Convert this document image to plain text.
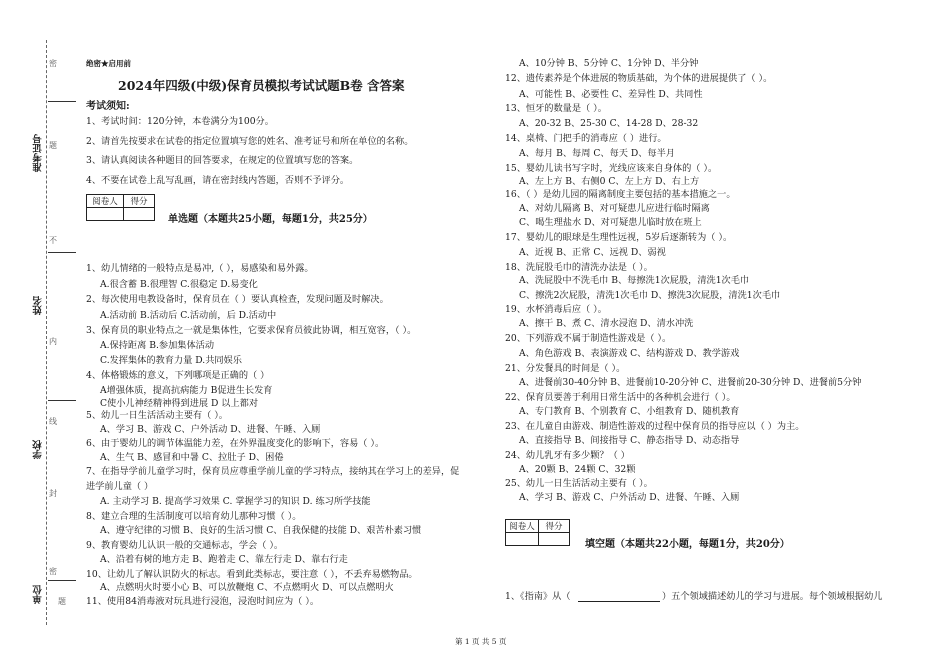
准考证号
姓名
学校
单位
密
题
不
内
线
封
密
题
绝密★启用前
2024年四级(中级)保育员模拟考试试题B卷 含答案
考试须知:
1、考试时间：120分钟，本卷满分为100分。
2、请首先按要求在试卷的指定位置填写您的姓名、准考证号和所在单位的名称。
3、请认真阅读各种题目的回答要求，在规定的位置填写您的答案。
4、不要在试卷上乱写乱画，请在密封线内答题，否则不予评分。
阅卷人	得分

单选题（本题共25小题，每题1分，共25分）
1、幼儿情绪的一般特点是易冲,（ ），易感染和易外露。
A.很含蓄 B.很理智 C.很稳定 D.易变化
2、每次使用电教设备时，保育员在（ ）要认真检查，发现问题及时解决。
A.活动前 B.活动后 C.活动前，后 D.活动中
3、保育员的职业特点之一就是集体性，它要求保育员彼此协调，相互宽容，（ ）。
A.保持距离 B.参加集体活动
C.发挥集体的教育力量 D.共同娱乐
4、体格锻炼的意义，下列哪项是正确的（ ）
A增强体质，提高抗病能力 B促进生长发育
C使小儿神经精神得到进展 D 以上都对
5、幼儿一日生活活动主要有（ ）。
A、学习 B、游戏 C、户外活动 D、进餐、午睡、入厕
6、由于婴幼儿的调节体温能力差，在外界温度变化的影响下，容易（ ）。
A、生气 B、感冒和中暑 C、拉肚子 D、困倦
7、在指导学前儿童学习时，保育员应尊重学前儿童的学习特点，接纳其在学习上的差异，促
进学前儿童（ ）
A. 主动学习 B. 提高学习效果 C. 掌握学习的知识 D. 练习所学技能
8、建立合理的生活制度可以培育幼儿那种习惯（ ）。
A、遵守纪律的习惯 B、良好的生活习惯 C、自我保健的技能 D、艰苦朴素习惯
9、教育婴幼儿认识一般的交通标志，学会（ ）。
A、沿着有树的地方走 B、跑着走 C、靠左行走 D、靠右行走
10、让幼儿了解认识防火的标志。看到此类标志，要注意（ ），不丢弃易燃物品。
A、点燃明火时要小心 B、可以放鞭炮 C、不点燃明火 D、可以点燃明火
11、使用84消毒液对玩具进行浸泡，浸泡时间应为（ ）。
A、10分钟 B、5分钟 C、1分钟 D、半分钟
12、遗传素养是个体进展的物质基础，为个体的进展提供了（ ）。
A、可能性 B、必要性 C、差异性 D、共同性
13、恒牙的数量是（ ）。
A、20-32 B、25-30 C、14-28 D、28-32
14、桌椅、门把手的消毒应（ ）进行。
A、每月 B、每周 C、每天 D、每半月
15、婴幼儿读书写字时，光线应该来自身体的（ ）。
A、左上方 B、右侧0 C、左上方 D、右上方
16、（ ）是幼儿园的隔离制度主要包括的基本措施之一。
A、对幼儿隔离 B、对可疑患儿应进行临时隔离
C、喝生理盐水 D、对可疑患儿临时放在班上
17、婴幼儿的眼球是生理性远视，5岁后逐渐转为（ ）。
A、近视 B、正常 C、远视 D、弱视
18、洗屁股毛巾的清洗办法是（ ）。
A、洗屁股中不洗毛巾 B、每擦洗1次屁股，清洗1次毛巾
C、擦洗2次屁股，清洗1次毛巾 D、擦洗3次屁股，清洗1次毛巾
19、水杯消毒后应（ ）。
A、擦干 B、煮 C、清水浸泡 D、清水冲洗
20、下列游戏不属于制造性游戏是（ ）。
A、角色游戏 B、表演游戏 C、结构游戏 D、教学游戏
21、分发餐具的时间是（ ）。
A、进餐前30-40分钟 B、进餐前10-20分钟 C、进餐前20-30分钟 D、进餐前5分钟
22、保育员要善于利用日常生活中的各种机会进行（ ）。
A、专门教育 B、个别教育 C、小组教育 D、随机教育
23、在儿童自由游戏、制造性游戏的过程中保育员的指导应以（ ）为主。
A、直接指导 B、间接指导 C、静态指导 D、动态指导
24、幼儿乳牙有多少颗？（ ）
A、20颗 B、24颗 C、32颗
25、幼儿一日生活活动主要有（ ）。
A、学习 B、游戏 C、户外活动 D、进餐、午睡、入厕
阅卷人	得分

填空题（本题共22小题，每题1分，共20分）
1、《指南》从（	）五个领域描述幼儿的学习与进展。每个领域根据幼儿
第 1 页 共 5 页
